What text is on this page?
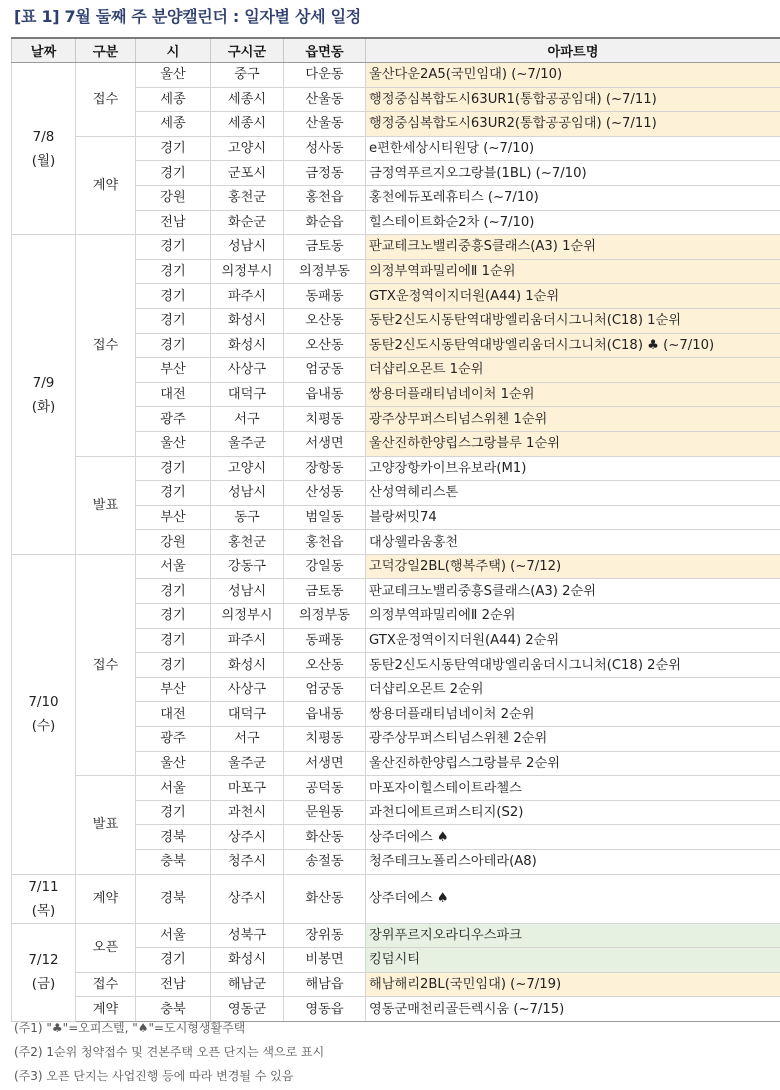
[표 1] 7월 둘째 주 분양캘린더 : 일자별 상세 일정
날짜	구분	시	구시군	읍면동	아파트명

7/8
(월)	접수	울산	중구	다운동	울산다운2A5(국민임대) (~7/10)
		세종	세종시	산울동	행정중심복합도시63UR1(통합공공임대) (~7/11)
		세종	세종시	산울동	행정중심복합도시63UR2(통합공공임대) (~7/11)
	계약	경기	고양시	성사동	e편한세상시티원당 (~7/10)
		경기	군포시	금정동	금정역푸르지오그랑블(1BL) (~7/10)
		강원	홍천군	홍천읍	홍천에듀포레휴티스 (~7/10)
		전남	화순군	화순읍	힐스테이트화순2차 (~7/10)

7/9
(화)	접수	경기	성남시	금토동	판교테크노밸리중흥S클래스(A3) 1순위
		경기	의정부시	의정부동	의정부역파밀리에Ⅱ 1순위
		경기	파주시	동패동	GTX운정역이지더원(A44) 1순위
		경기	화성시	오산동	동탄2신도시동탄역대방엘리움더시그니처(C18) 1순위
		경기	화성시	오산동	동탄2신도시동탄역대방엘리움더시그니처(C18) ♣ (~7/10)
		부산	사상구	엄궁동	더샵리오몬트 1순위
		대전	대덕구	읍내동	쌍용더플래티넘네이처 1순위
		광주	서구	치평동	광주상무퍼스티넘스위첸 1순위
		울산	울주군	서생면	울산진하한양립스그랑블루 1순위
	발표	경기	고양시	장항동	고양장항카이브유보라(M1)
		경기	성남시	산성동	산성역헤리스톤
		부산	동구	범일동	블랑써밋74
		강원	홍천군	홍천읍	대상웰라움홍천

7/10
(수)	접수	서울	강동구	강일동	고덕강일2BL(행복주택) (~7/12)
		경기	성남시	금토동	판교테크노밸리중흥S클래스(A3) 2순위
		경기	의정부시	의정부동	의정부역파밀리에Ⅱ 2순위
		경기	파주시	동패동	GTX운정역이지더원(A44) 2순위
		경기	화성시	오산동	동탄2신도시동탄역대방엘리움더시그니처(C18) 2순위
		부산	사상구	엄궁동	더샵리오몬트 2순위
		대전	대덕구	읍내동	쌍용더플래티넘네이처 2순위
		광주	서구	치평동	광주상무퍼스티넘스위첸 2순위
		울산	울주군	서생면	울산진하한양립스그랑블루 2순위
	발표	서울	마포구	공덕동	마포자이힐스테이트라첼스
		경기	과천시	문원동	과천디에트르퍼스티지(S2)
		경북	상주시	화산동	상주더에스 ♠
		충북	청주시	송절동	청주테크노폴리스아테라(A8)

7/11
(목)	계약	경북	상주시	화산동	상주더에스 ♠

7/12
(금)	오픈	서울	성북구	장위동	장위푸르지오라디우스파크
		경기	화성시	비봉면	킹덤시티
	접수	전남	해남군	해남읍	해남해리2BL(국민임대) (~7/19)
	계약	충북	영동군	영동읍	영동군매천리골든렉시움 (~7/15)
(주1) "♣"=오피스텔, "♠"=도시형생활주택
(주2) 1순위 청약접수 및 견본주택 오픈 단지는 색으로 표시
(주3) 오픈 단지는 사업진행 등에 따라 변경될 수 있음
